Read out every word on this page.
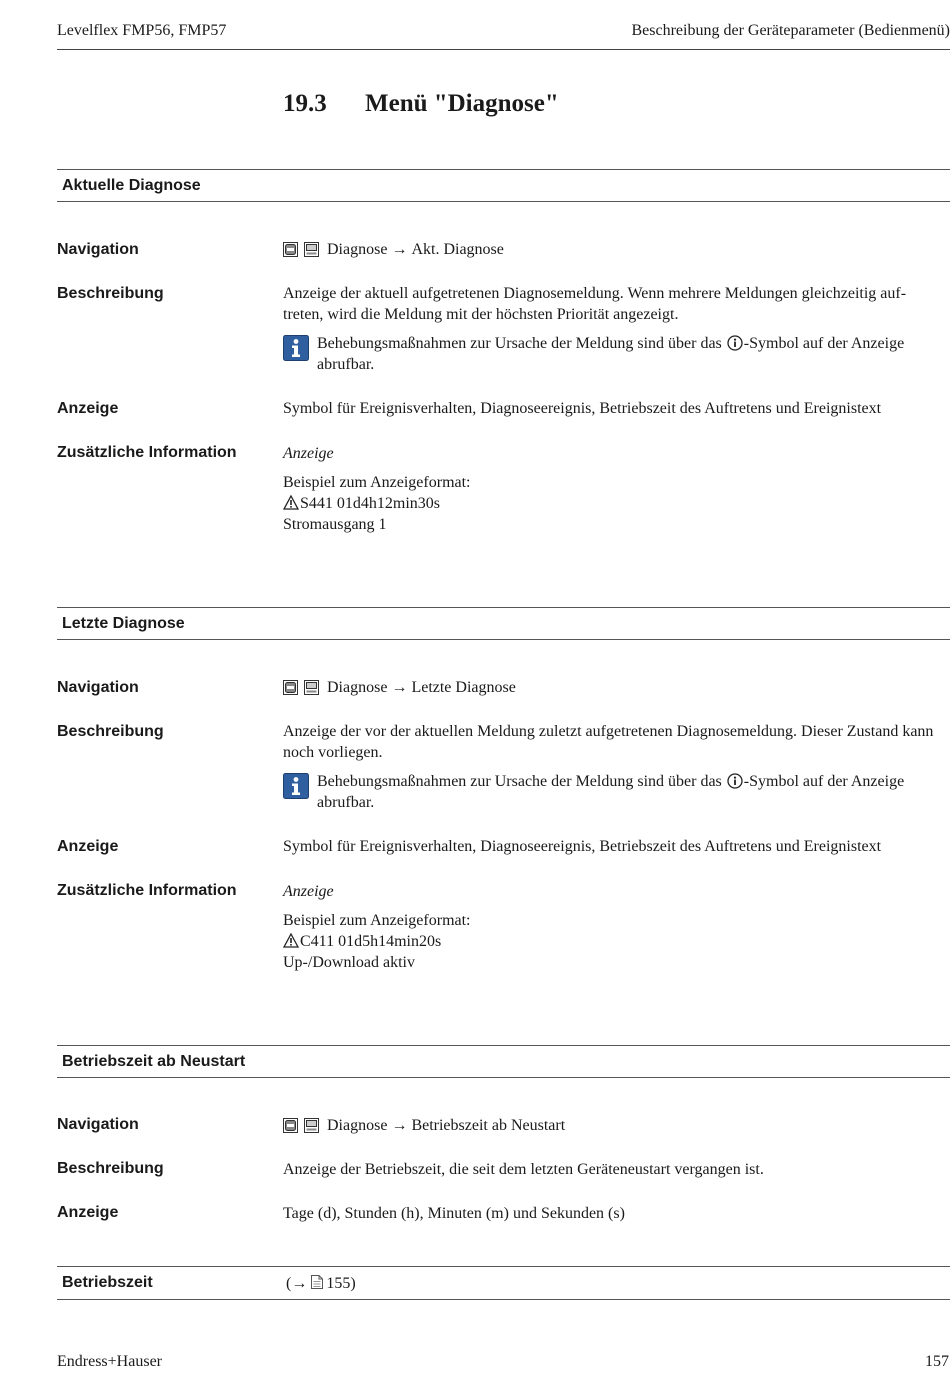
Levelflex FMP56, FMP57	Beschreibung der Geräteparameter (Bedienmenü)
19.3 Menü "Diagnose"
Aktuelle Diagnose
Navigation	Diagnose → Akt. Diagnose
Beschreibung	Anzeige der aktuell aufgetretenen Diagnosemeldung. Wenn mehrere Meldungen gleichzeitig auf-treten, wird die Meldung mit der höchsten Priorität angezeigt.
Behebungsmaßnahmen zur Ursache der Meldung sind über das -Symbol auf der Anzeige abrufbar.
Anzeige	Symbol für Ereignisverhalten, Diagnoseereignis, Betriebszeit des Auftretens und Ereignistext
Zusätzliche Information	Anzeige
Beispiel zum Anzeigeformat:
S441 01d4h12min30s
Stromausgang 1
Letzte Diagnose
Navigation	Diagnose → Letzte Diagnose
Beschreibung	Anzeige der vor der aktuellen Meldung zuletzt aufgetretenen Diagnosemeldung. Dieser Zustand kann noch vorliegen.
Behebungsmaßnahmen zur Ursache der Meldung sind über das -Symbol auf der Anzeige abrufbar.
Anzeige	Symbol für Ereignisverhalten, Diagnoseereignis, Betriebszeit des Auftretens und Ereignistext
Zusätzliche Information	Anzeige
Beispiel zum Anzeigeformat:
C411 01d5h14min20s
Up-/Download aktiv
Betriebszeit ab Neustart
Navigation	Diagnose → Betriebszeit ab Neustart
Beschreibung	Anzeige der Betriebszeit, die seit dem letzten Geräteneustart vergangen ist.
Anzeige	Tage (d), Stunden (h), Minuten (m) und Sekunden (s)
Betriebszeit	(→ 155)
Endress+Hauser	157
